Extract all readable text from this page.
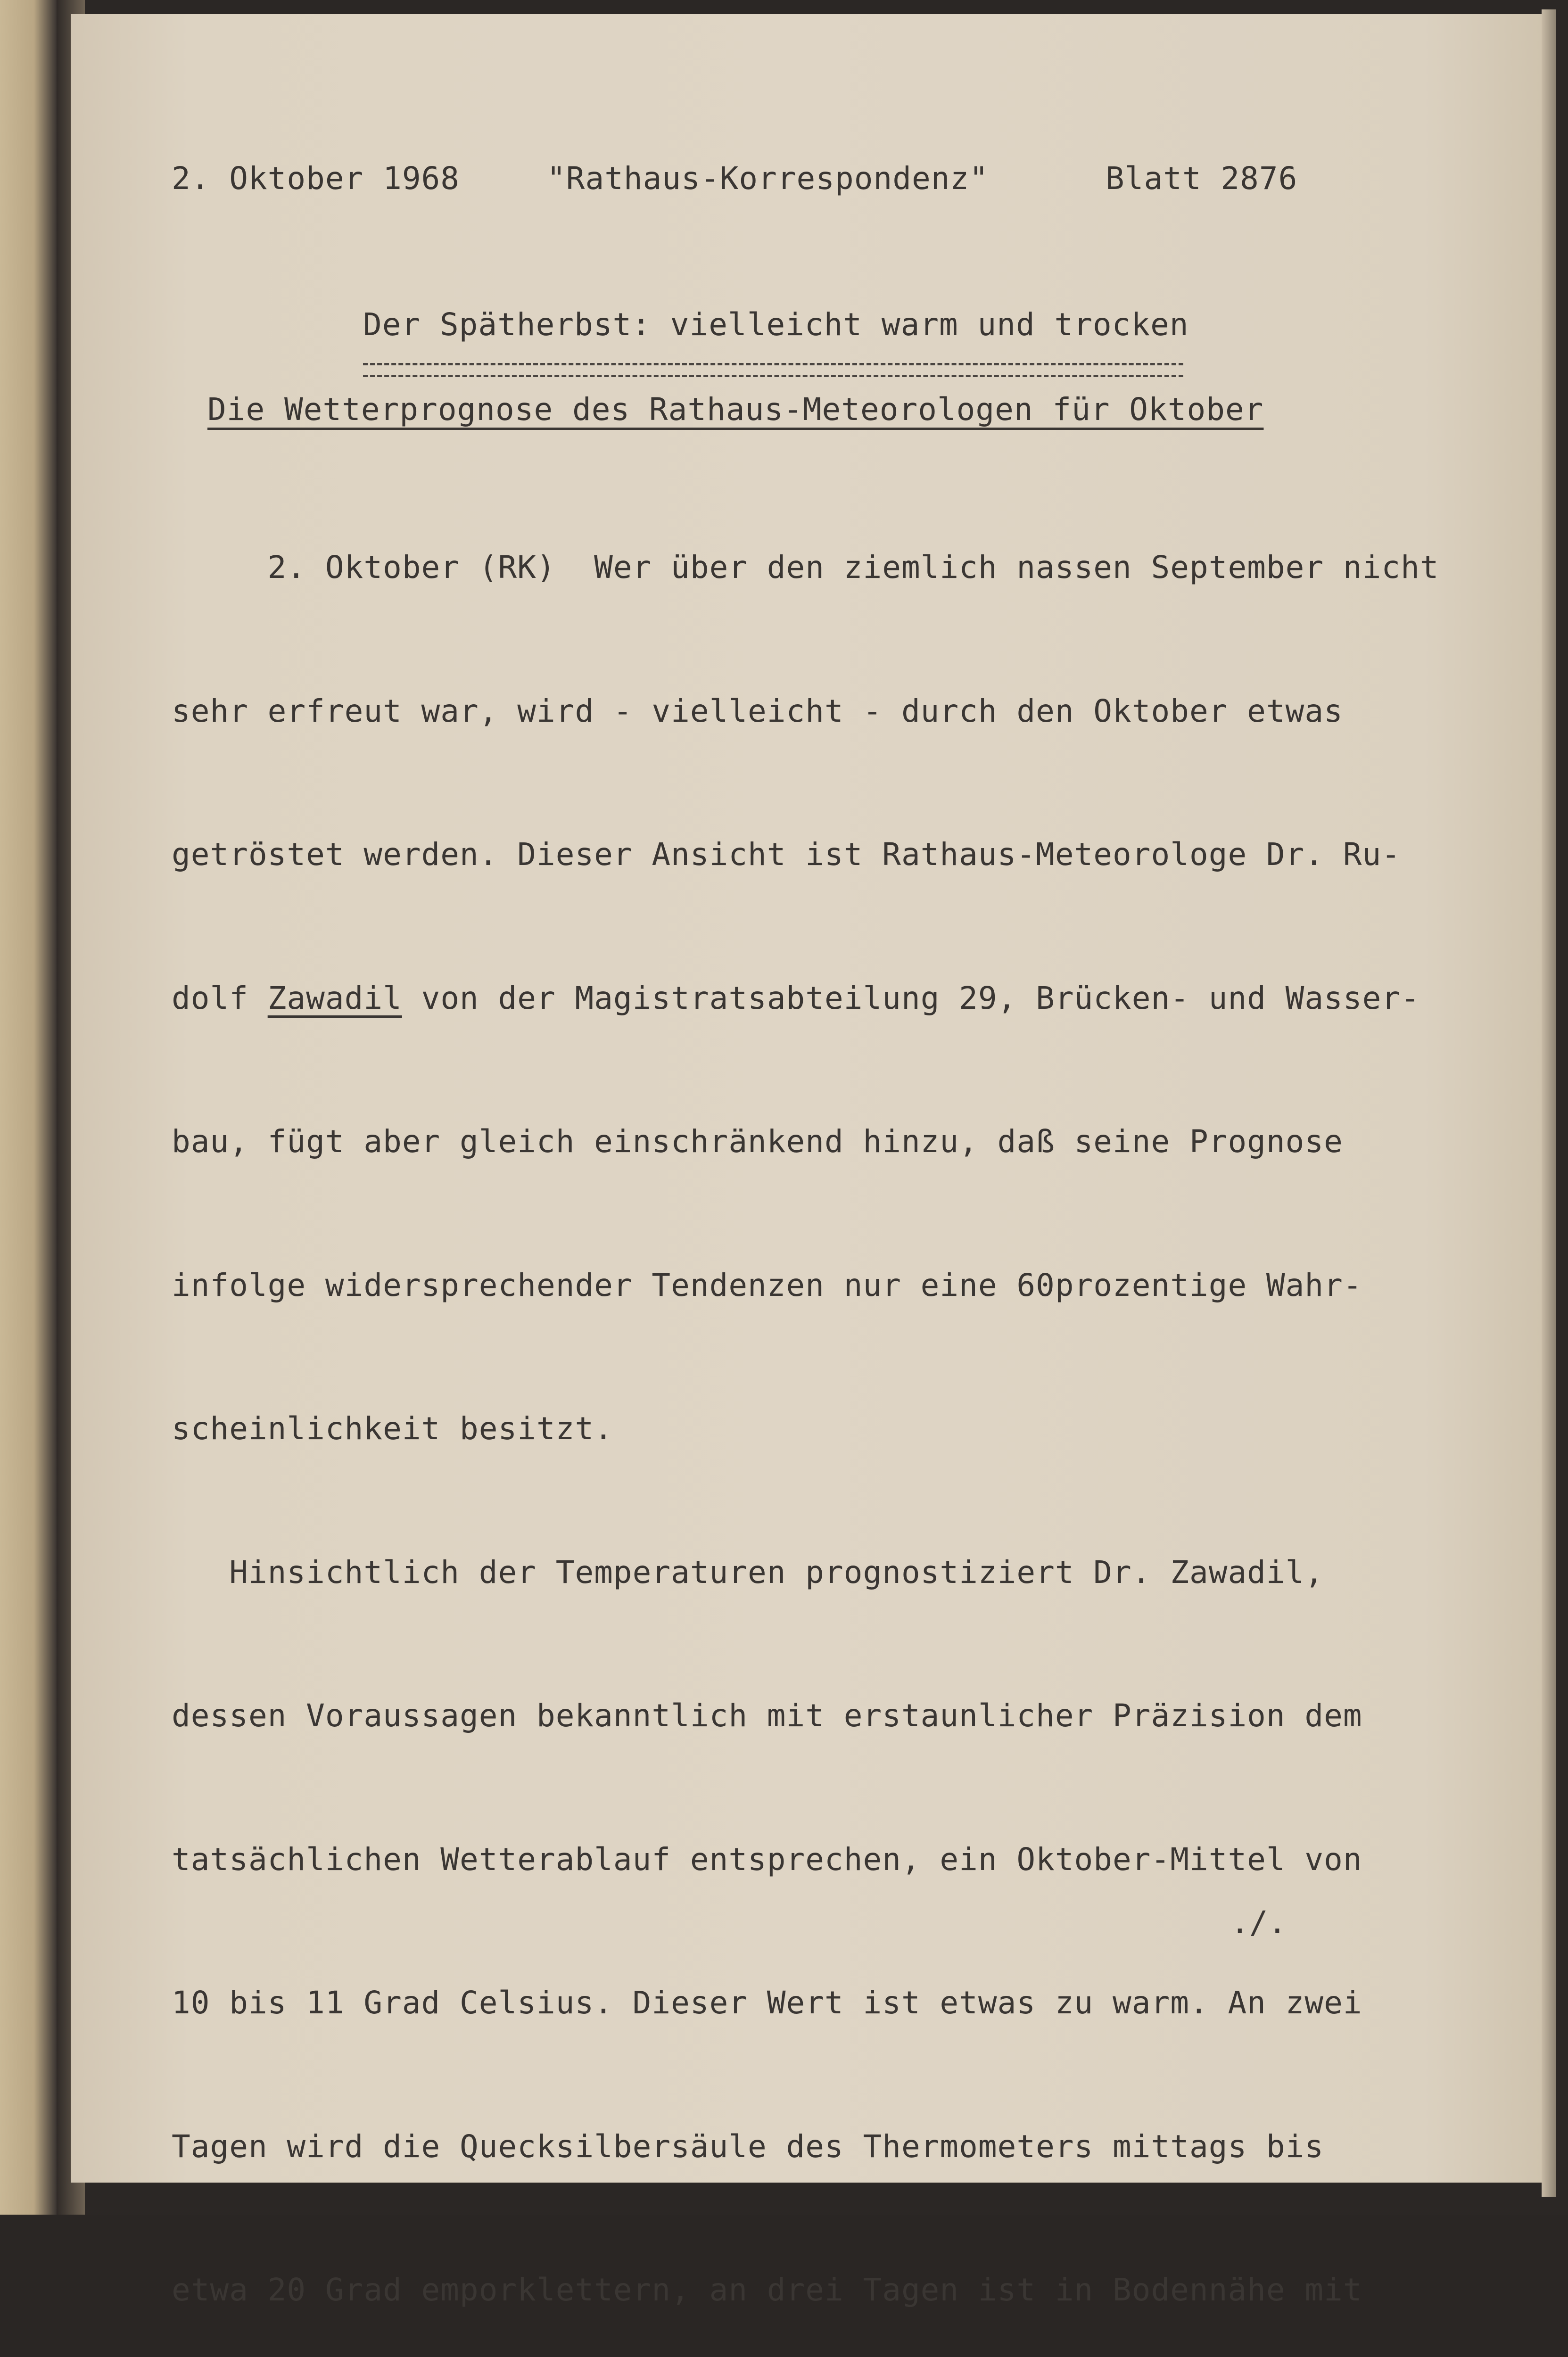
2. Oktober 1968	"Rathaus-Korrespondenz"	Blatt 2876

Der Spätherbst: vielleicht warm und trocken

Die Wetterprognose des Rathaus-Meteorologen für Oktober

2. Oktober (RK)  Wer über den ziemlich nassen September nicht

sehr erfreut war, wird - vielleicht - durch den Oktober etwas

getröstet werden. Dieser Ansicht ist Rathaus-Meteorologe Dr. Ru-

dolf Zawadil von der Magistratsabteilung 29, Brücken- und Wasser-

bau, fügt aber gleich einschränkend hinzu, daß seine Prognose

infolge widersprechender Tendenzen nur eine 60prozentige Wahr-

scheinlichkeit besitzt.

Hinsichtlich der Temperaturen prognostiziert Dr. Zawadil,

dessen Voraussagen bekanntlich mit erstaunlicher Präzision dem

tatsächlichen Wetterablauf entsprechen, ein Oktober-Mittel von

10 bis 11 Grad Celsius. Dieser Wert ist etwas zu warm. An zwei

Tagen wird die Quecksilbersäule des Thermometers mittags bis

etwa 20 Grad emporklettern, an drei Tagen ist in Bodennähe mit

./.
